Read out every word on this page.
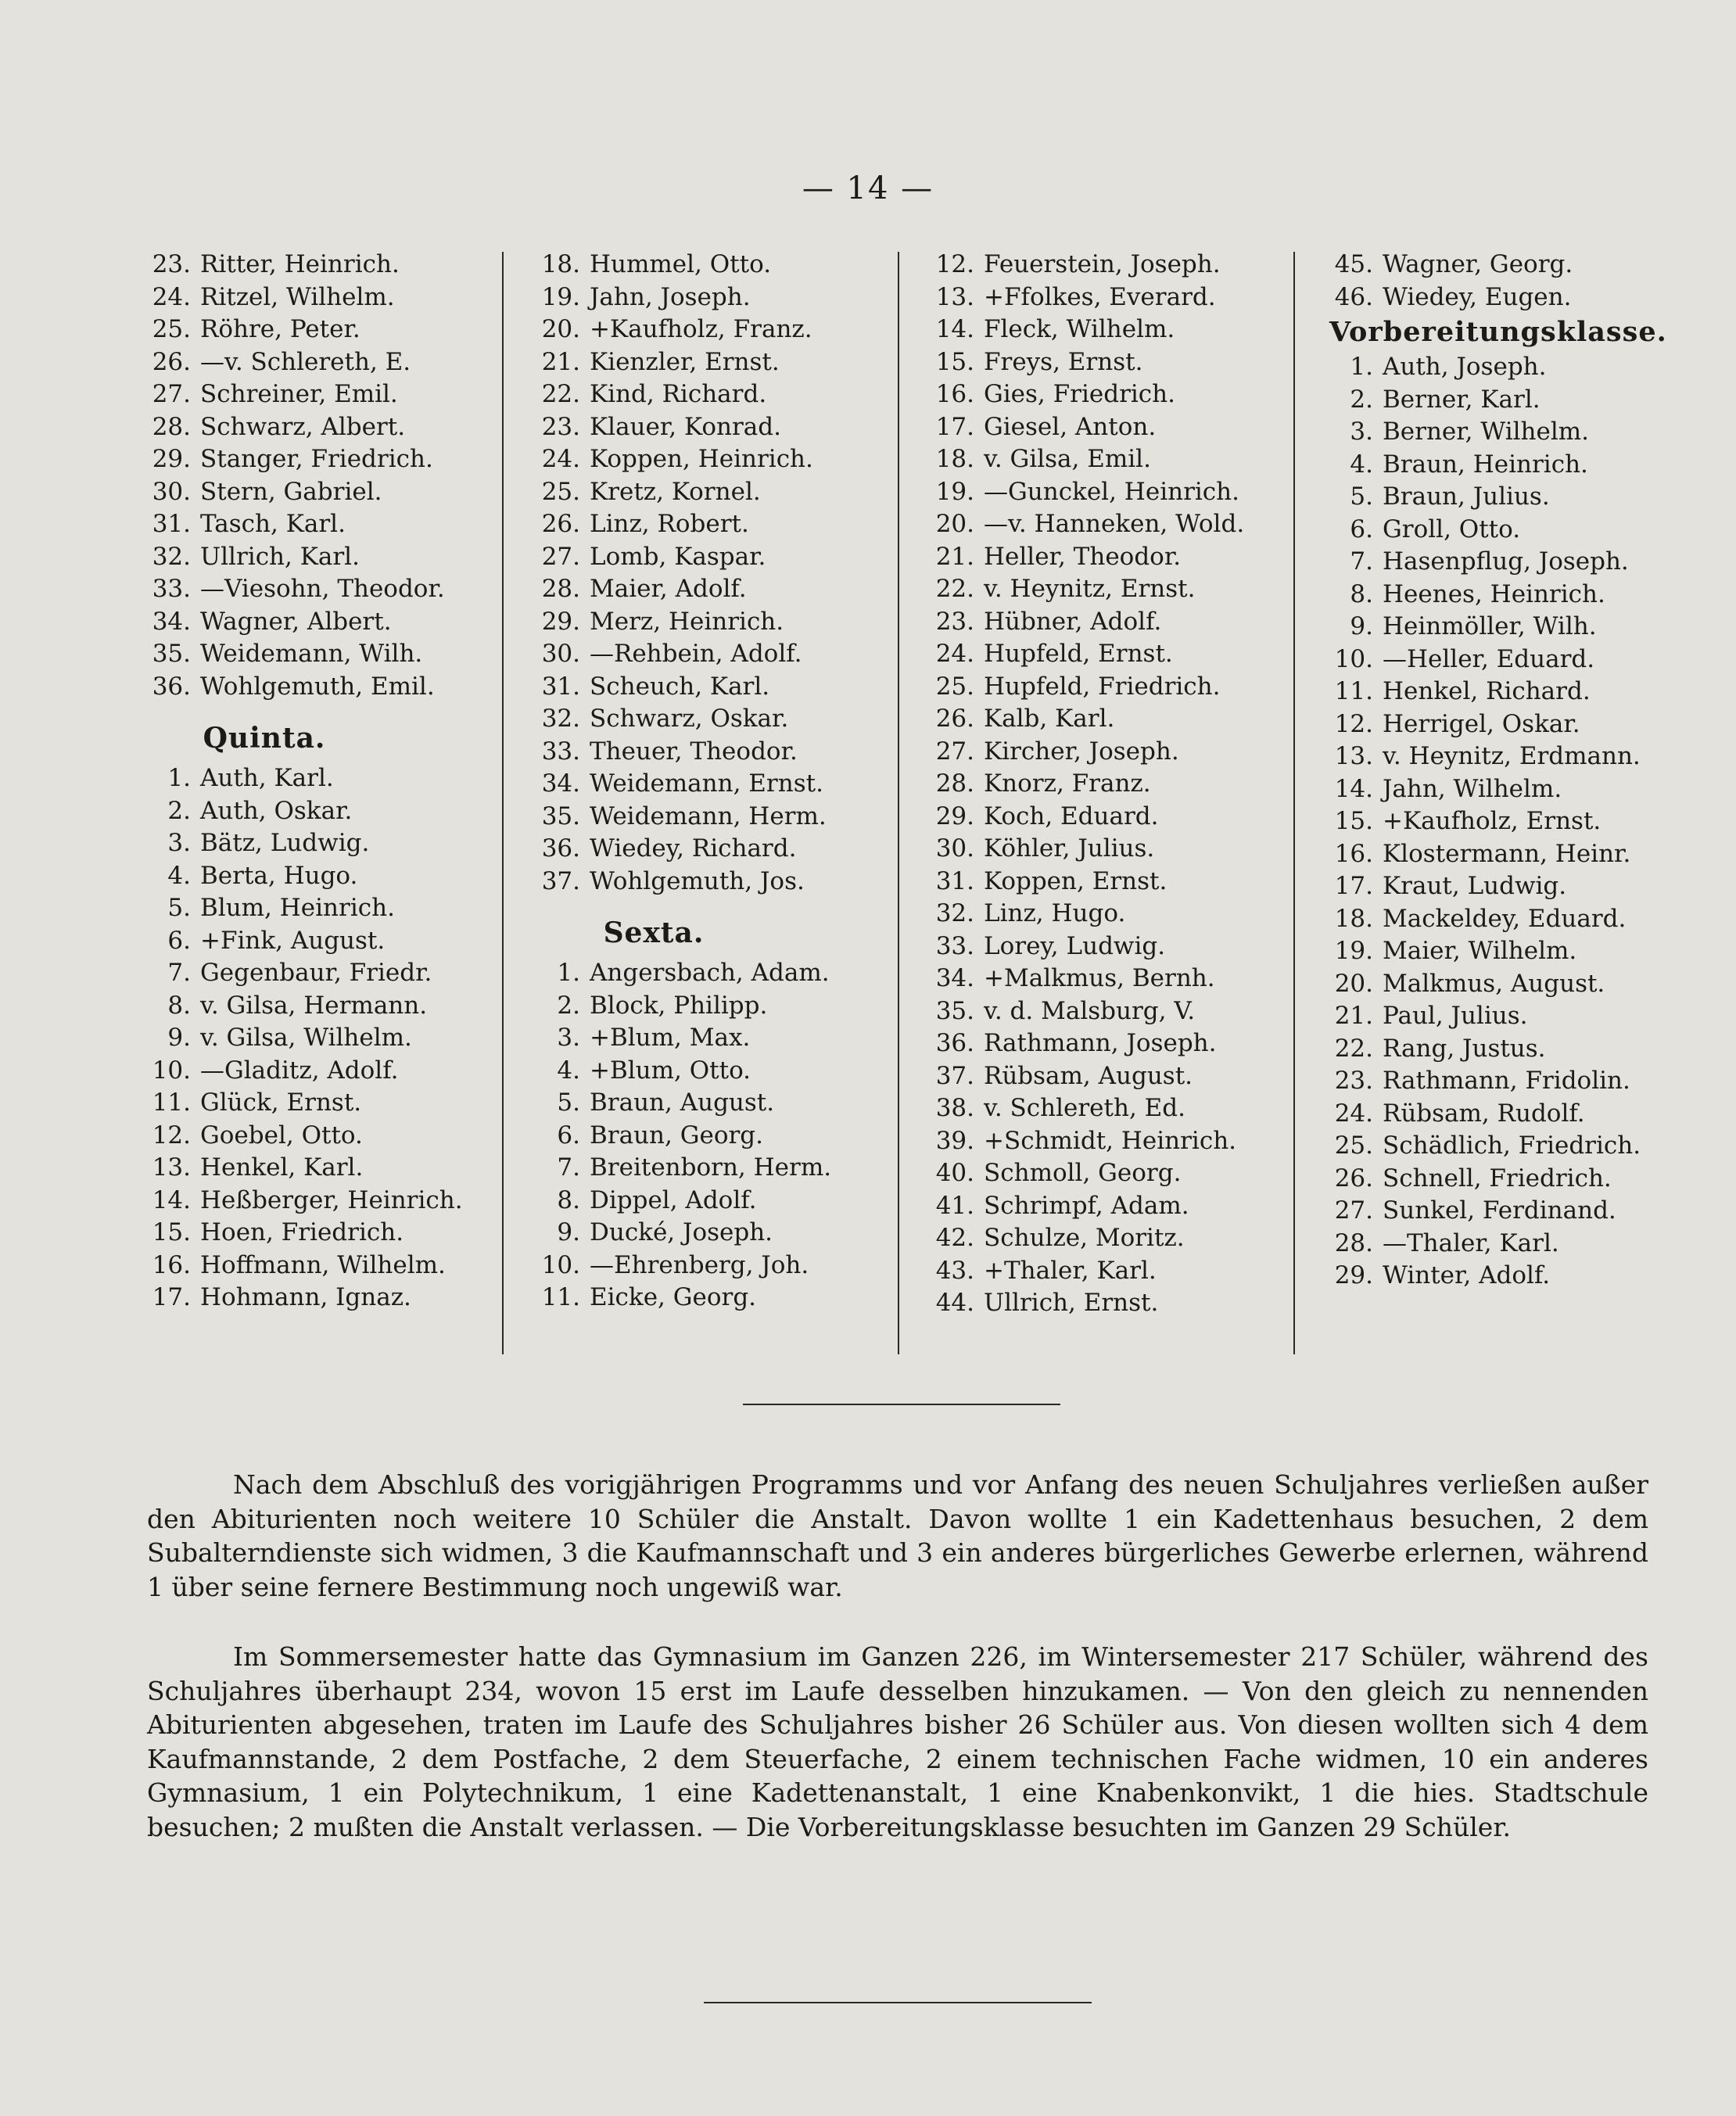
— 14 —
23. Ritter, Heinrich.
24. Ritzel, Wilhelm.
25. Röhre, Peter.
26. —v. Schlereth, E.
27. Schreiner, Emil.
28. Schwarz, Albert.
29. Stanger, Friedrich.
30. Stern, Gabriel.
31. Tasch, Karl.
32. Ullrich, Karl.
33. —Viesohn, Theodor.
34. Wagner, Albert.
35. Weidemann, Wilh.
36. Wohlgemuth, Emil.
Quinta.
1. Auth, Karl.
2. Auth, Oskar.
3. Bätz, Ludwig.
4. Berta, Hugo.
5. Blum, Heinrich.
6. +Fink, August.
7. Gegenbaur, Friedr.
8. v. Gilsa, Hermann.
9. v. Gilsa, Wilhelm.
10. —Gladitz, Adolf.
11. Glück, Ernst.
12. Goebel, Otto.
13. Henkel, Karl.
14. Heßberger, Heinrich.
15. Hoen, Friedrich.
16. Hoffmann, Wilhelm.
17. Hohmann, Ignaz.
18. Hummel, Otto.
19. Jahn, Joseph.
20. +Kaufholz, Franz.
21. Kienzler, Ernst.
22. Kind, Richard.
23. Klauer, Konrad.
24. Koppen, Heinrich.
25. Kretz, Kornel.
26. Linz, Robert.
27. Lomb, Kaspar.
28. Maier, Adolf.
29. Merz, Heinrich.
30. —Rehbein, Adolf.
31. Scheuch, Karl.
32. Schwarz, Oskar.
33. Theuer, Theodor.
34. Weidemann, Ernst.
35. Weidemann, Herm.
36. Wiedey, Richard.
37. Wohlgemuth, Jos.
Sexta.
1. Angersbach, Adam.
2. Block, Philipp.
3. +Blum, Max.
4. +Blum, Otto.
5. Braun, August.
6. Braun, Georg.
7. Breitenborn, Herm.
8. Dippel, Adolf.
9. Ducké, Joseph.
10. —Ehrenberg, Joh.
11. Eicke, Georg.
12. Feuerstein, Joseph.
13. +Ffolkes, Everard.
14. Fleck, Wilhelm.
15. Freys, Ernst.
16. Gies, Friedrich.
17. Giesel, Anton.
18. v. Gilsa, Emil.
19. —Gunckel, Heinrich.
20. —v. Hanneken, Wold.
21. Heller, Theodor.
22. v. Heynitz, Ernst.
23. Hübner, Adolf.
24. Hupfeld, Ernst.
25. Hupfeld, Friedrich.
26. Kalb, Karl.
27. Kircher, Joseph.
28. Knorz, Franz.
29. Koch, Eduard.
30. Köhler, Julius.
31. Koppen, Ernst.
32. Linz, Hugo.
33. Lorey, Ludwig.
34. +Malkmus, Bernh.
35. v. d. Malsburg, V.
36. Rathmann, Joseph.
37. Rübsam, August.
38. v. Schlereth, Ed.
39. +Schmidt, Heinrich.
40. Schmoll, Georg.
41. Schrimpf, Adam.
42. Schulze, Moritz.
43. +Thaler, Karl.
44. Ullrich, Ernst.
45. Wagner, Georg.
46. Wiedey, Eugen.
Vorbereitungsklasse.
1. Auth, Joseph.
2. Berner, Karl.
3. Berner, Wilhelm.
4. Braun, Heinrich.
5. Braun, Julius.
6. Groll, Otto.
7. Hasenpflug, Joseph.
8. Heenes, Heinrich.
9. Heinmöller, Wilh.
10. —Heller, Eduard.
11. Henkel, Richard.
12. Herrigel, Oskar.
13. v. Heynitz, Erdmann.
14. Jahn, Wilhelm.
15. +Kaufholz, Ernst.
16. Klostermann, Heinr.
17. Kraut, Ludwig.
18. Mackeldey, Eduard.
19. Maier, Wilhelm.
20. Malkmus, August.
21. Paul, Julius.
22. Rang, Justus.
23. Rathmann, Fridolin.
24. Rübsam, Rudolf.
25. Schädlich, Friedrich.
26. Schnell, Friedrich.
27. Sunkel, Ferdinand.
28. —Thaler, Karl.
29. Winter, Adolf.

Nach dem Abschluß des vorigjährigen Programms und vor Anfang des neuen Schuljahres verließen außer den Abiturienten noch weitere 10 Schüler die Anstalt. Davon wollte 1 ein Kadettenhaus besuchen, 2 dem Subalterndienste sich widmen, 3 die Kaufmannschaft und 3 ein anderes bürgerliches Gewerbe erlernen, während 1 über seine fernere Bestimmung noch ungewiß war.

Im Sommersemester hatte das Gymnasium im Ganzen 226, im Wintersemester 217 Schüler, während des Schuljahres überhaupt 234, wovon 15 erst im Laufe desselben hinzukamen. — Von den gleich zu nennenden Abiturienten abgesehen, traten im Laufe des Schuljahres bisher 26 Schüler aus. Von diesen wollten sich 4 dem Kaufmannstande, 2 dem Postfache, 2 dem Steuerfache, 2 einem technischen Fache widmen, 10 ein anderes Gymnasium, 1 ein Polytechnikum, 1 eine Kadettenanstalt, 1 eine Knabenkonvikt, 1 die hies. Stadtschule besuchen; 2 mußten die Anstalt verlassen. — Die Vorbereitungsklasse besuchten im Ganzen 29 Schüler.
